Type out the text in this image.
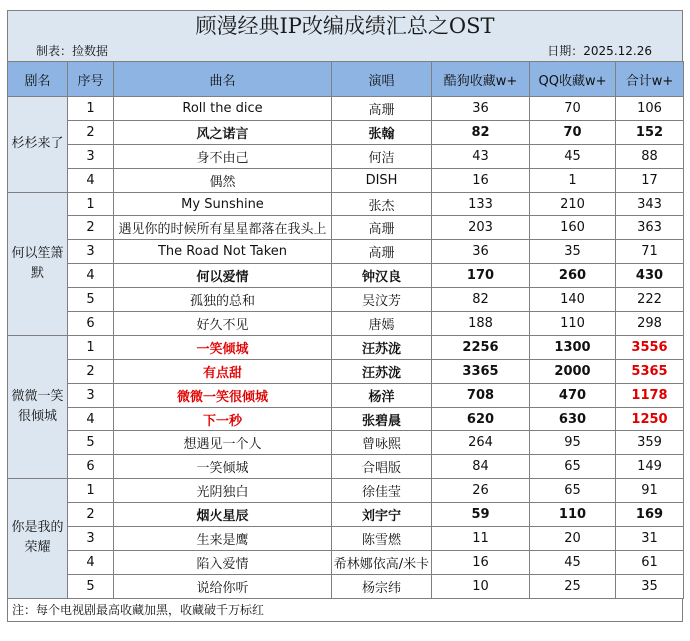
顾漫经典IP改编成绩汇总之OST
制表：捡数据	日期：2025.12.26
剧名	序号	曲名	演唱	酷狗收藏w+	QQ收藏w+	合计w+
杉杉来了	1	Roll the dice	高珊	36	70	106
	2	风之诺言	张翰	82	70	152
	3	身不由己	何洁	43	45	88
	4	偶然	DISH	16	1	17
何以笙箫默	1	My Sunshine	张杰	133	210	343
	2	遇见你的时候所有星星都落在我头上	高珊	203	160	363
	3	The Road Not Taken	高珊	36	35	71
	4	何以爱情	钟汉良	170	260	430
	5	孤独的总和	吴汶芳	82	140	222
	6	好久不见	唐嫣	188	110	298
微微一笑很倾城	1	一笑倾城	汪苏泷	2256	1300	3556
	2	有点甜	汪苏泷	3365	2000	5365
	3	微微一笑很倾城	杨洋	708	470	1178
	4	下一秒	张碧晨	620	630	1250
	5	想遇见一个人	曾咏熙	264	95	359
	6	一笑倾城	合唱版	84	65	149
你是我的荣耀	1	光阴独白	徐佳莹	26	65	91
	2	烟火星辰	刘宇宁	59	110	169
	3	生来是鹰	陈雪燃	11	20	31
	4	陷入爱情	希林娜依高/米卡	16	45	61
	5	说给你听	杨宗纬	10	25	35
注：每个电视剧最高收藏加黑，收藏破千万标红
